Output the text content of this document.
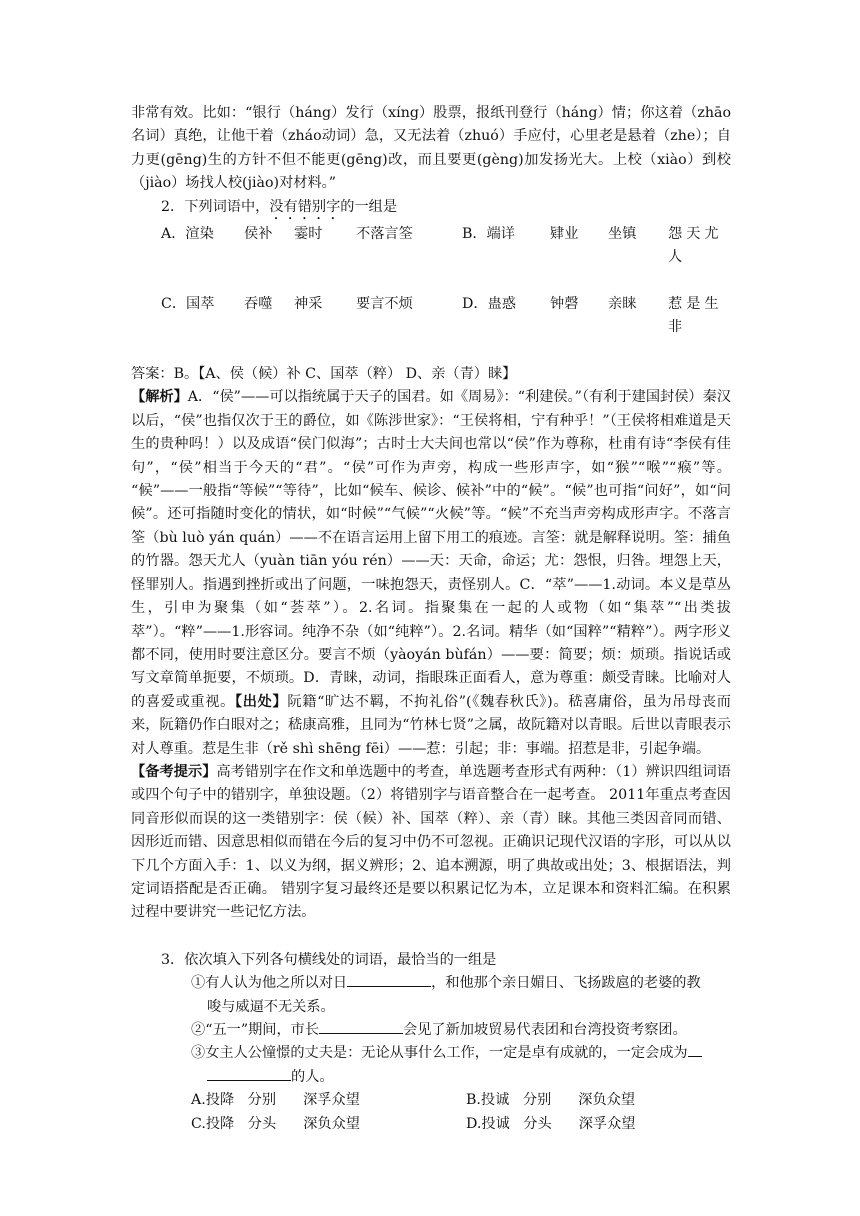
非常有效。比如：“银行（háng）发行（xíng）股票，报纸刊登行（háng）情；你这着（zhāo名词）真绝，让他干着（zháo动词）急，又无法着（zhuó）手应付，心里老是悬着（zhe）；自力更(gēng)生的方针不但不能更(gēng)改，而且要更(gèng)加发扬光大。上校（xiào）到校（jiào）场找人校(jiào)对材料。”

2．下列词语中，没有错别字的一组是

A．渲染	侯补	霎时	不落言筌	B．端详	肄业	坐镇	怨天尤人
C．国萃	吞噬	神采	要言不烦	D．蛊惑	钟磬	亲睐	惹是生非

答案：B。【A、侯（候）补 C、国萃（粹） D、亲（青）睐】

【解析】A．“侯”——可以指统属于天子的国君。如《周易》：“利建侯。”（有利于建国封侯）秦汉以后，“侯”也指仅次于王的爵位，如《陈涉世家》：“王侯将相，宁有种乎！”（王侯将相难道是天生的贵种吗！）以及成语“侯门似海”；古时士大夫间也常以“侯”作为尊称，杜甫有诗“李侯有佳句”，“侯”相当于今天的“君”。“侯”可作为声旁，构成一些形声字，如“猴”“喉”“瘊”等。 “候”——一般指“等候”“等待”，比如“候车、候诊、候补”中的“候”。“候”也可指“问好”，如“问候”。还可指随时变化的情状，如“时候”“气候”“火候”等。“候”不充当声旁构成形声字。不落言筌（bù luò yán quán）——不在语言运用上留下用工的痕迹。言筌：就是解释说明。筌：捕鱼的竹器。怨天尤人（yuàn tiān yóu rén）——天：天命，命运；尤：怨恨，归咎。埋怨上天，怪罪别人。指遇到挫折或出了问题，一味抱怨天，责怪别人。C．“萃”——1.动词。本义是草丛生，引申为聚集（如“荟萃”）。2.名词。指聚集在一起的人或物（如“集萃”“出类拔萃”）。“粹”——1.形容词。纯净不杂（如“纯粹”）。2.名词。精华（如“国粹”“精粹”）。两字形义都不同，使用时要注意区分。要言不烦（yàoyán bùfán）——要：简要；烦：烦琐。指说话或写文章简单扼要，不烦琐。D．青睐，动词，指眼珠正面看人，意为尊重：颇受青睐。比喻对人的喜爱或重视。【出处】阮籍“旷达不羁，不拘礼俗”(《魏春秋氏》)。嵇喜庸俗，虽为吊母丧而来，阮籍仍作白眼对之；嵇康高雅，且同为“竹林七贤”之属，故阮籍对以青眼。后世以青眼表示对人尊重。惹是生非（rě shì shēng fēi）——惹：引起；非：事端。招惹是非，引起争端。

【备考提示】高考错别字在作文和单选题中的考查，单选题考查形式有两种：（1）辨识四组词语或四个句子中的错别字，单独设题。（2）将错别字与语音整合在一起考查。 2011年重点考查因同音形似而误的这一类错别字：侯（候）补、国萃（粹）、亲（青）睐。其他三类因音同而错、因形近而错、因意思相似而错在今后的复习中仍不可忽视。正确识记现代汉语的字形，可以从以下几个方面入手：1、以义为纲，据义辨形；2、追本溯源，明了典故或出处；3、根据语法，判定词语搭配是否正确。 错别字复习最终还是要以积累记忆为本，立足课本和资料汇编。在积累过程中要讲究一些记忆方法。

3．依次填入下列各句横线处的词语，最恰当的一组是

①有人认为他之所以对日	，和他那个亲日媚日、飞扬跋扈的老婆的教

唆与威逼不无关系。

②“五一”期间，市长	会见了新加坡贸易代表团和台湾投资考察团。

③女主人公憧憬的丈夫是：无论从事什么工作，一定是卓有成就的，一定会成为

的人。

A.投降   分别      深孚众望	B.投诚   分别      深负众望
C.投降   分头      深负众望	D.投诚   分头      深孚众望
